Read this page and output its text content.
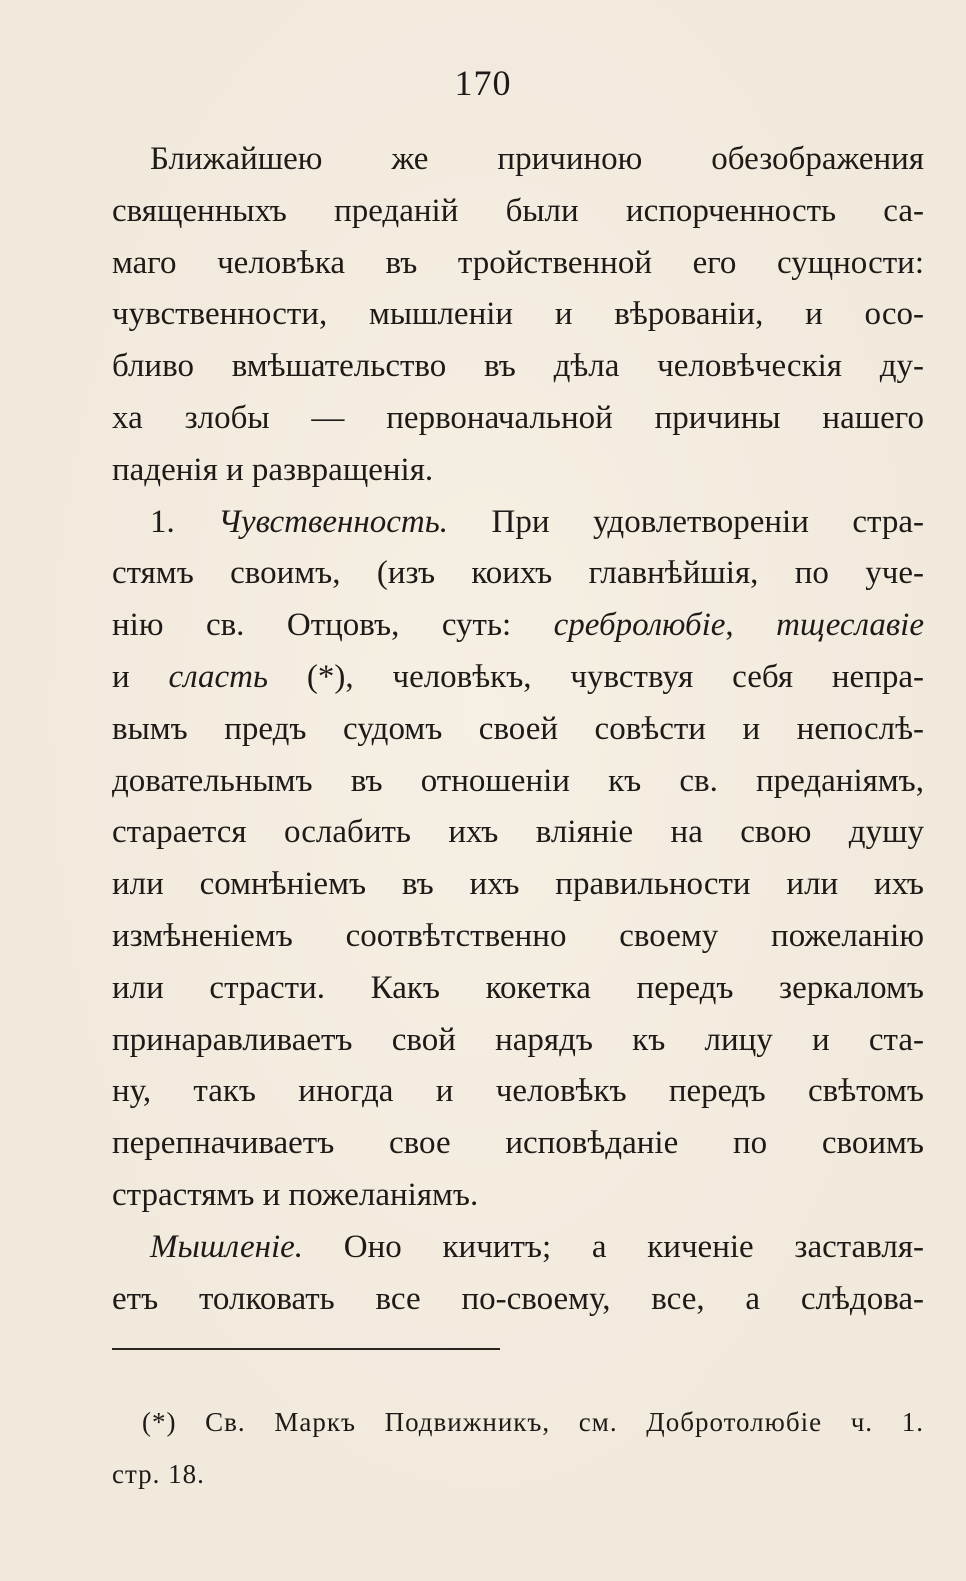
170
Ближайшею же причиною обезображения
священныхъ преданій были испорченность са-
маго человѣка въ тройственной его сущности:
чувственности, мышленіи и вѣрованіи, и осо-
бливо вмѣшательство въ дѣла человѣческія ду-
ха злобы — первоначальной причины нашего
паденія и развращенія.
1. Чувственность. При удовлетвореніи стра-
стямъ своимъ, (изъ коихъ главнѣйшія, по уче-
нію св. Отцовъ, суть: сребролюбіе, тщеславіе
и сласть (*), человѣкъ, чувствуя себя непра-
вымъ предъ судомъ своей совѣсти и непослѣ-
довательнымъ въ отношеніи къ св. преданіямъ,
старается ослабить ихъ вліяніе на свою душу
или сомнѣніемъ въ ихъ правильности или ихъ
измѣненіемъ соотвѣтственно своему пожеланію
или страсти. Какъ кокетка передъ зеркаломъ
принаравливаетъ свой нарядъ къ лицу и ста-
ну, такъ иногда и человѣкъ передъ свѣтомъ
перепначиваетъ свое исповѣданіе по своимъ
страстямъ и пожеланіямъ.
Мышленіе. Оно кичитъ; а киченіе заставля-
етъ толковать все по-своему, все, а слѣдова-
(*) Св. Маркъ Подвижникъ, см. Добротолюбіе ч. 1.
стр. 18.
